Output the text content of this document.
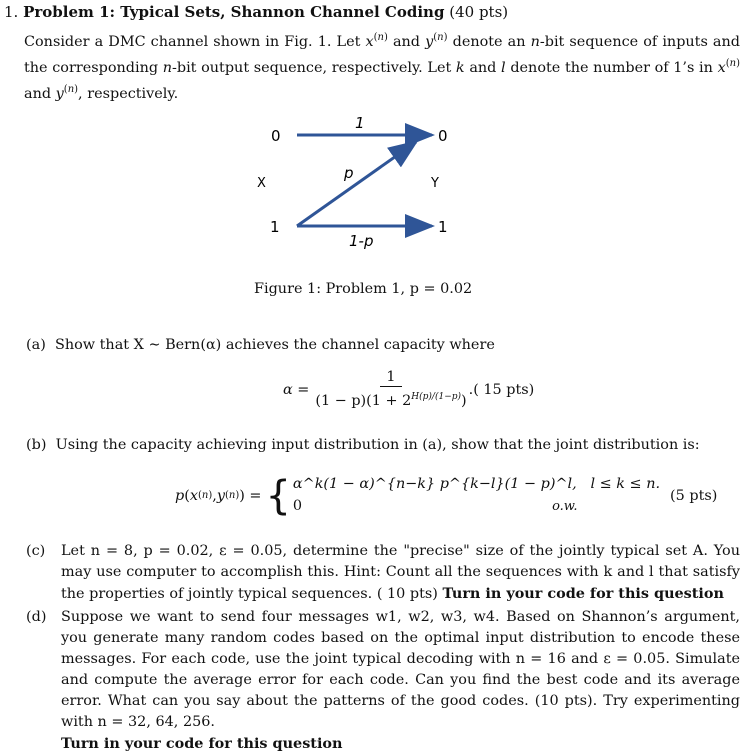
1. Problem 1: Typical Sets, Shannon Channel Coding (40 pts)
Consider a DMC channel shown in Fig. 1. Let $x^{(n)}$ and $y^{(n)}$ denote an n-bit sequence of inputs and the corresponding n-bit output sequence, respectively. Let k and l denote the number of 1’s in $x^{(n)}$ and $y^{(n)}$, respectively.
0
X
1
0
Y
1
1
p
1-p
Figure 1: Problem 1, p = 0.02
(a) Show that X ∼ Bern(α) achieves the channel capacity where
$\alpha = \frac{1}{(1 - p)(1 + 2^{H(p)/(1-p)})}$ .( 15 pts)
(b) Using the capacity achieving input distribution in (a), show that the joint distribution is:
p ( x (n) , y (n) ) = { α^k(1 − α)^{n−k} p^{k−l}(1 − p)^l, l ≤ k ≤ n.
0	o.w.
(5 pts)
(c) Let n = 8, p = 0.02, ε = 0.05, determine the "precise" size of the jointly typical set A. You may use computer to accomplish this. Hint: Count all the sequences with k and l that satisfy the properties of jointly typical sequences. ( 10 pts) Turn in your code for this question
(d) Suppose we want to send four messages w1, w2, w3, w4. Based on Shannon’s argument, you generate many random codes based on the optimal input distribution to encode these messages. For each code, use the joint typical decoding with n = 16 and ε = 0.05. Simulate and compute the average error for each code. Can you find the best code and its average error. What can you say about the patterns of the good codes. (10 pts). Try experimenting with n = 32, 64, 256.
Turn in your code for this question
